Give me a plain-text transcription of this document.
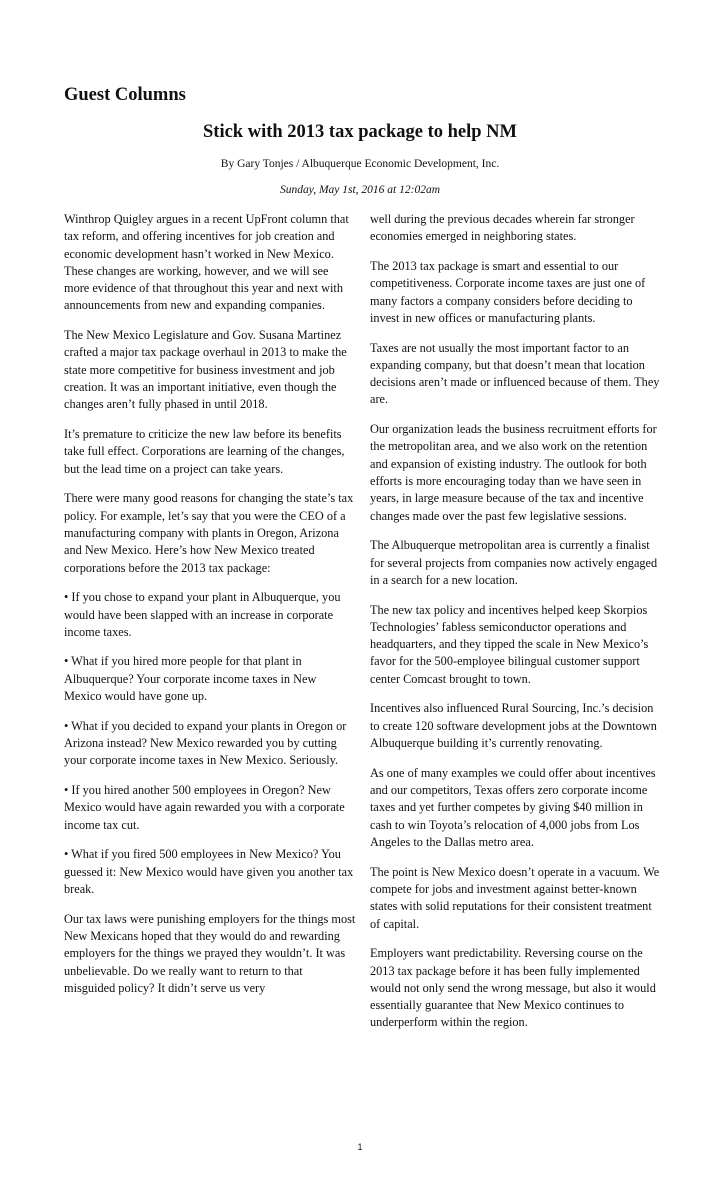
Guest Columns
Stick with 2013 tax package to help NM
By Gary Tonjes / Albuquerque Economic Development, Inc.
Sunday, May 1st, 2016 at 12:02am

Winthrop Quigley argues in a recent UpFront column that tax reform, and offering incentives for job creation and economic development hasn’t worked in New Mexico. These changes are working, however, and we will see more evidence of that throughout this year and next with announcements from new and expanding companies.

The New Mexico Legislature and Gov. Susana Martinez crafted a major tax package overhaul in 2013 to make the state more competitive for business investment and job creation. It was an important initiative, even though the changes aren’t fully phased in until 2018.

It’s premature to criticize the new law before its benefits take full effect. Corporations are learning of the changes, but the lead time on a project can take years.

There were many good reasons for changing the state’s tax policy. For example, let’s say that you were the CEO of a manufacturing company with plants in Oregon, Arizona and New Mexico. Here’s how New Mexico treated corporations before the 2013 tax package:

• If you chose to expand your plant in Albuquerque, you would have been slapped with an increase in corporate income taxes.

• What if you hired more people for that plant in Albuquerque? Your corporate income taxes in New Mexico would have gone up.

• What if you decided to expand your plants in Oregon or Arizona instead? New Mexico rewarded you by cutting your corporate income taxes in New Mexico. Seriously.

• If you hired another 500 employees in Oregon? New Mexico would have again rewarded you with a corporate income tax cut.

• What if you fired 500 employees in New Mexico? You guessed it: New Mexico would have given you another tax break.

Our tax laws were punishing employers for the things most New Mexicans hoped that they would do and rewarding employers for the things we prayed they wouldn’t. It was unbelievable. Do we really want to return to that misguided policy? It didn’t serve us very

well during the previous decades wherein far stronger economies emerged in neighboring states.

The 2013 tax package is smart and essential to our competitiveness. Corporate income taxes are just one of many factors a company considers before deciding to invest in new offices or manufacturing plants.

Taxes are not usually the most important factor to an expanding company, but that doesn’t mean that location decisions aren’t made or influenced because of them. They are.

Our organization leads the business recruitment efforts for the metropolitan area, and we also work on the retention and expansion of existing industry. The outlook for both efforts is more encouraging today than we have seen in years, in large measure because of the tax and incentive changes made over the past few legislative sessions.

The Albuquerque metropolitan area is currently a finalist for several projects from companies now actively engaged in a search for a new location.

The new tax policy and incentives helped keep Skorpios Technologies’ fabless semiconductor operations and headquarters, and they tipped the scale in New Mexico’s favor for the 500-employee bilingual customer support center Comcast brought to town.

Incentives also influenced Rural Sourcing, Inc.’s decision to create 120 software development jobs at the Downtown Albuquerque building it’s currently renovating.

As one of many examples we could offer about incentives and our competitors, Texas offers zero corporate income taxes and yet further competes by giving $40 million in cash to win Toyota’s relocation of 4,000 jobs from Los Angeles to the Dallas metro area.

The point is New Mexico doesn’t operate in a vacuum. We compete for jobs and investment against better-known states with solid reputations for their consistent treatment of capital.

Employers want predictability. Reversing course on the 2013 tax package before it has been fully implemented would not only send the wrong message, but also it would essentially guarantee that New Mexico continues to underperform within the region.

1
